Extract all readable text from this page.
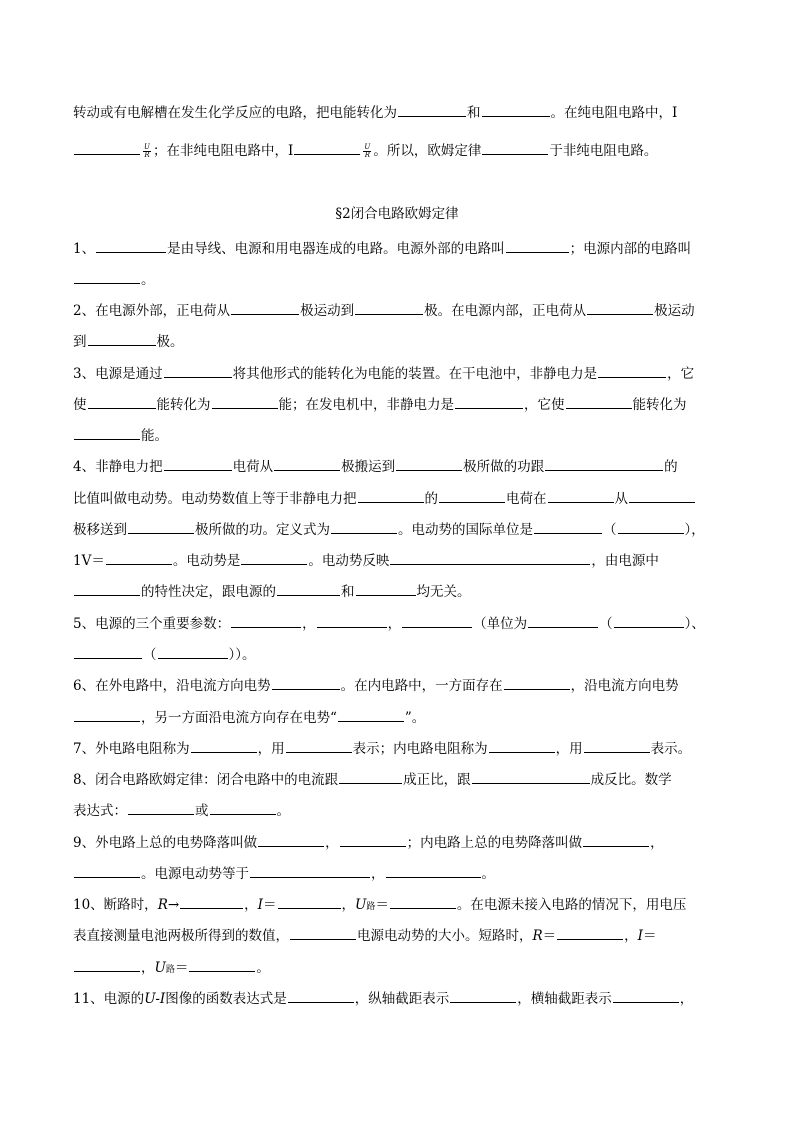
转动或有电解槽在发生化学反应的电路，把电能转化为	和	。在纯电阻电路中，I
$\frac{U}{R}$ ；在非纯电阻电路中，I	$\frac{U}{R}$ 。所以，欧姆定律	于非纯电阻电路。
§2闭合电路欧姆定律
1、	是由导线、电源和用电器连成的电路。电源外部的电路叫	；电源内部的电路叫
。
2、在电源外部，正电荷从	极运动到	极。在电源内部，正电荷从	极运动
到	极。
3、电源是通过	将其他形式的能转化为电能的装置。在干电池中，非静电力是	，它
使	能转化为	能；在发电机中，非静电力是	，它使	能转化为
能。
4、非静电力把	电荷从	极搬运到	极所做的功跟	的
比值叫做电动势。电动势数值上等于非静电力把	的	电荷在	从
极移送到	极所做的功。定义式为	。电动势的国际单位是	（	），
1V＝	。电动势是	。电动势反映	，由电源中
的特性决定，跟电源的	和	均无关。
5、电源的三个重要参数：	，	，	（单位为	（	）、
（	））。
6、在外电路中，沿电流方向电势	。在内电路中，一方面存在	，沿电流方向电势
，另一方面沿电流方向存在电势“	”。
7、外电路电阻称为	，用	表示；内电路电阻称为	，用	表示。
8、闭合电路欧姆定律：闭合电路中的电流跟	成正比，跟	成反比。数学
表达式：	或	。
9、外电路上总的电势降落叫做	，	；内电路上总的电势降落叫做	，
。电源电动势等于	，	。
10、断路时，R→	，I＝	，U路＝	。在电源未接入电路的情况下，用电压
表直接测量电池两极所得到的数值，	电源电动势的大小。短路时，R＝	，I＝
，U路＝	。
11、电源的U-I图像的函数表达式是	，纵轴截距表示	，横轴截距表示	，
